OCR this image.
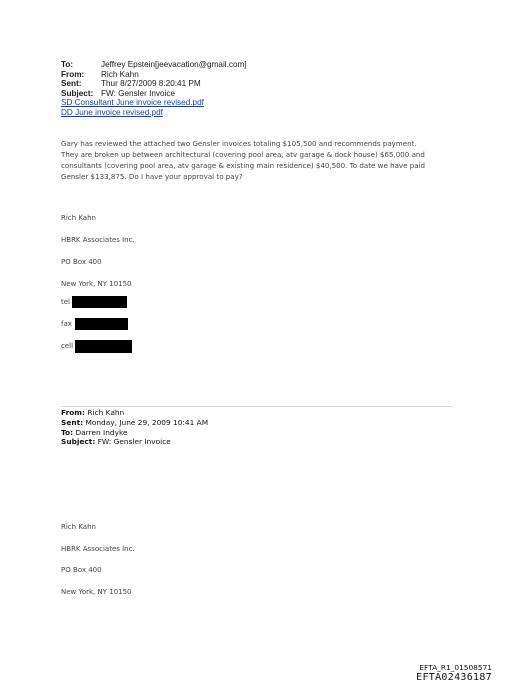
To:	Jeffrey Epstein[jeevacation@gmail.com]
From: Rich Kahn
Sent: Thur 8/27/2009 8:20:41 PM
Subject: FW: Gensler Invoice
SD Consultant June invoice revised.pdf
DD June invoice revised.pdf
Gary has reviewed the attached two Gensler invoices totaling $105,500 and recommends payment.
They are broken up between architectural (covering pool area, atv garage & dock house) $65,000 and
consultants (covering pool area, atv garage & existing main residence) $40,500. To date we have paid
Gensler $133,875. Do I have your approval to pay?
Rich Kahn
HBRK Associates Inc.
PO Box 400
New York, NY 10150
tel
fax
cell
From: Rich Kahn
Sent: Monday, June 29, 2009 10:41 AM
To: Darren Indyke
Subject: FW: Gensler Invoice
Rich Kahn
HBRK Associates Inc.
PO Box 400
New York, NY 10150
EFTA_R1_01508571
EFTA02436187
